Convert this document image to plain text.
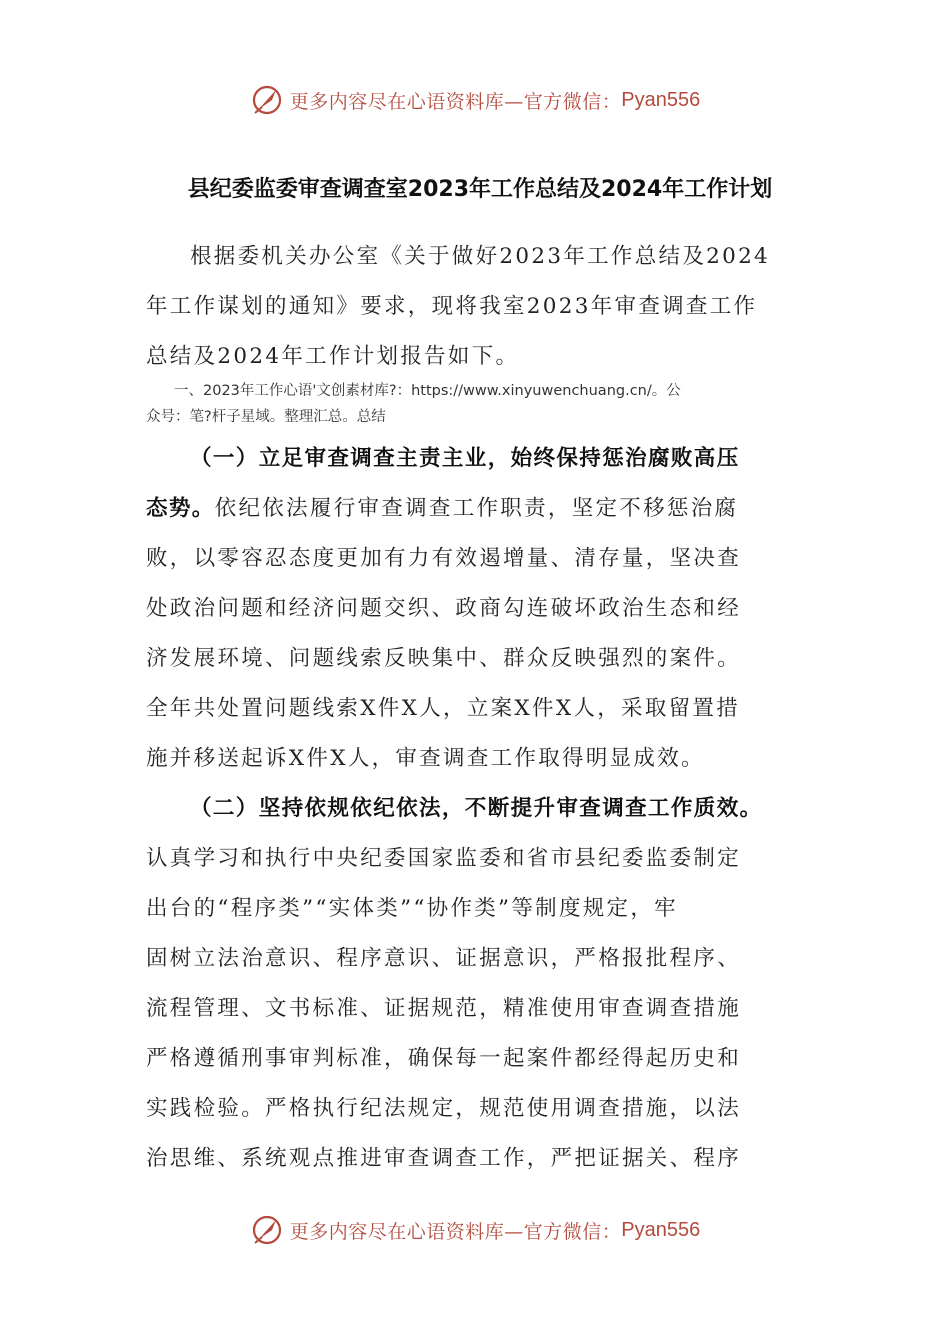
更多内容尽在心语资料库—官方微信： Pyan556
县纪委监委审查调查室2023年工作总结及2024年工作计划
根据委机关办公室《关于做好2023年工作总结及2024
年工作谋划的通知》要求，现将我室2023年审查调查工作
总结及2024年工作计划报告如下。
一、2023年工作心语'文创素材库?：https://www.xinyuwenchuang.cn/。公
众号：笔?杆子星域。整理汇总。总结
（一）立足审查调查主责主业，始终保持惩治腐败高压
态势。依纪依法履行审查调查工作职责，坚定不移惩治腐
败，以零容忍态度更加有力有效遏增量、清存量，坚决查
处政治问题和经济问题交织、政商勾连破坏政治生态和经
济发展环境、问题线索反映集中、群众反映强烈的案件。
全年共处置问题线索X件X人，立案X件X人，采取留置措
施并移送起诉X件X人，审查调查工作取得明显成效。
（二）坚持依规依纪依法，不断提升审查调查工作质效。
认真学习和执行中央纪委国家监委和省市县纪委监委制定
出台的“程序类”“实体类”“协作类”等制度规定，牢
固树立法治意识、程序意识、证据意识，严格报批程序、
流程管理、文书标准、证据规范，精准使用审查调查措施
严格遵循刑事审判标准，确保每一起案件都经得起历史和
实践检验。严格执行纪法规定，规范使用调查措施，以法
治思维、系统观点推进审查调查工作，严把证据关、程序
更多内容尽在心语资料库—官方微信： Pyan556
